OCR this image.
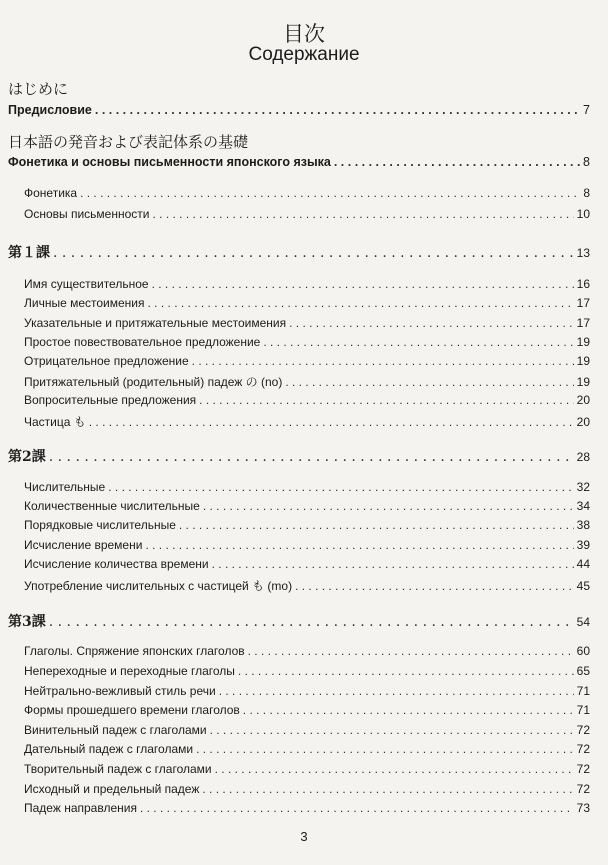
目次
Содержание
はじめに
Предисловие . . .	7
日本語の発音および表記体系の基礎
Фонетика и основы письменности японского языка . . .	8
Фонетика . . .	8
Основы письменности . . .	10
第１課 . . .	13
Имя существительное . . .	16
Личные местоимения . . .	17
Указательные и притяжательные местоимения . . .	17
Простое повествовательное предложение . . .	19
Отрицательное предложение . . .	19
Притяжательный (родительный) падеж の (no) . . .	19
Вопросительные предложения . . .	20
Частица も . . .	20
第2課 . . .	28
Числительные . . .	32
Количественные числительные . . .	34
Порядковые числительные . . .	38
Исчисление времени . . .	39
Исчисление количества времени . . .	44
Употребление числительных с частицей も (mo) . . .	45
第3課 . . .	54
Глаголы. Спряжение японских глаголов . . .	60
Непереходные и переходные глаголы . . .	65
Нейтрально-вежливый стиль речи . . .	71
Формы прошедшего времени глаголов . . .	71
Винительный падеж с глаголами . . .	72
Дательный падеж с глаголами . . .	72
Творительный падеж с глаголами . . .	72
Исходный и предельный падеж . . .	72
Падеж направления . . .	73
3
